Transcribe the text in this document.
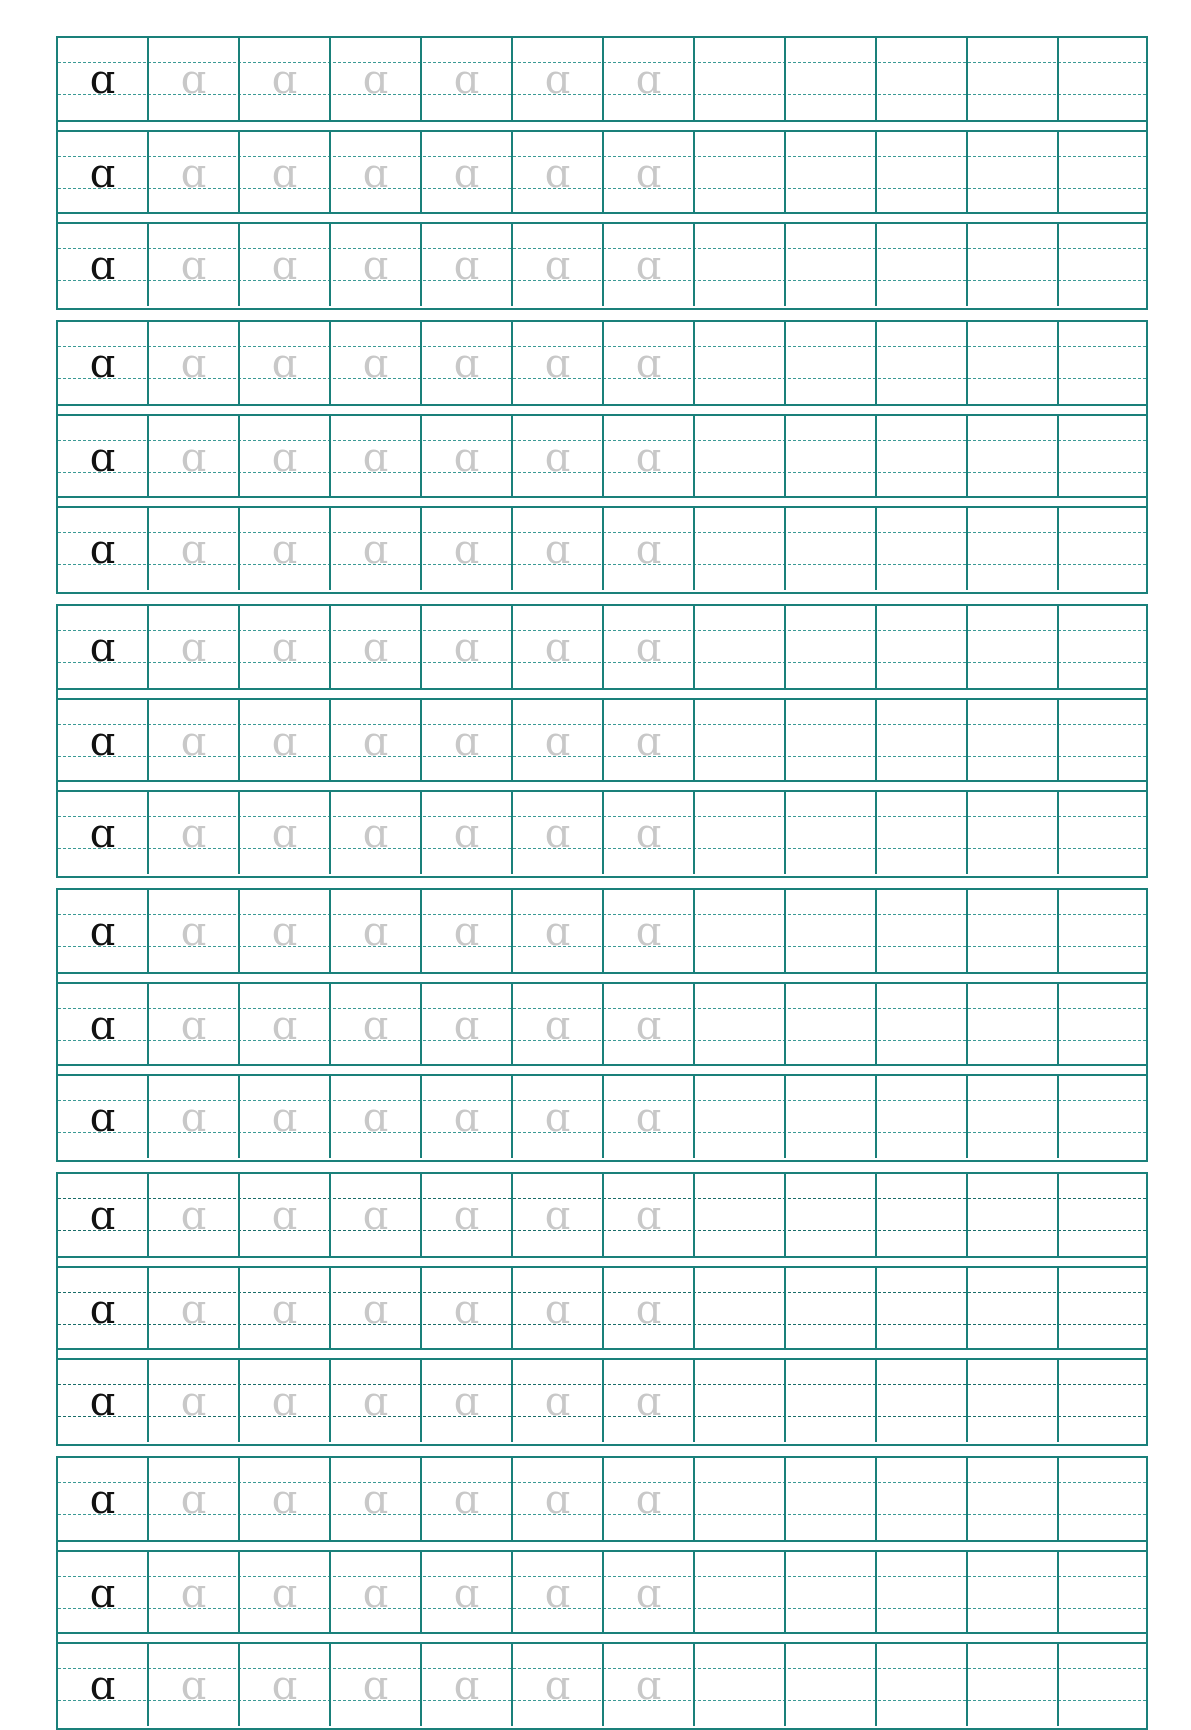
ɑ ɑ ɑ ɑ ɑ ɑ ɑ
ɑ ɑ ɑ ɑ ɑ ɑ ɑ
ɑ ɑ ɑ ɑ ɑ ɑ ɑ
ɑ ɑ ɑ ɑ ɑ ɑ ɑ
ɑ ɑ ɑ ɑ ɑ ɑ ɑ
ɑ ɑ ɑ ɑ ɑ ɑ ɑ
ɑ ɑ ɑ ɑ ɑ ɑ ɑ
ɑ ɑ ɑ ɑ ɑ ɑ ɑ
ɑ ɑ ɑ ɑ ɑ ɑ ɑ
ɑ ɑ ɑ ɑ ɑ ɑ ɑ
ɑ ɑ ɑ ɑ ɑ ɑ ɑ
ɑ ɑ ɑ ɑ ɑ ɑ ɑ
ɑ ɑ ɑ ɑ ɑ ɑ ɑ
ɑ ɑ ɑ ɑ ɑ ɑ ɑ
ɑ ɑ ɑ ɑ ɑ ɑ ɑ
ɑ ɑ ɑ ɑ ɑ ɑ ɑ
ɑ ɑ ɑ ɑ ɑ ɑ ɑ
ɑ ɑ ɑ ɑ ɑ ɑ ɑ
